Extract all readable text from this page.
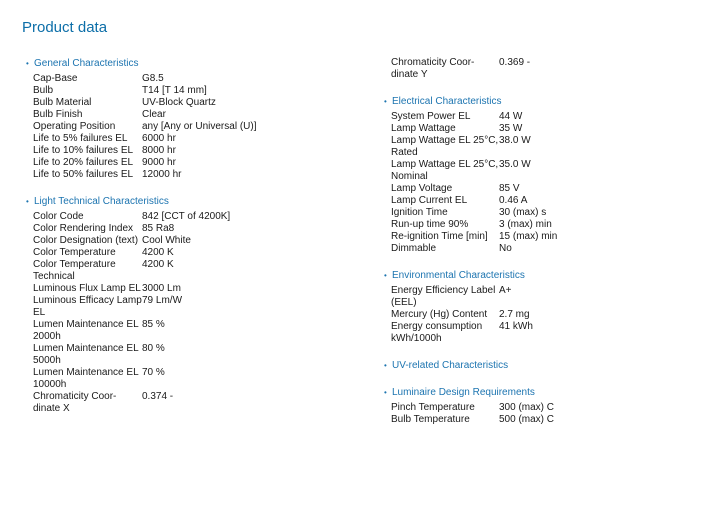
Product data
• General Characteristics
Cap-Base	G8.5
Bulb	T14 [T 14 mm]
Bulb Material	UV-Block Quartz
Bulb Finish	Clear
Operating Position	any [Any or Universal (U)]
Life to 5% failures EL	6000 hr
Life to 10% failures EL 8000 hr
Life to 20% failures EL 9000 hr
Life to 50% failures EL 12000 hr
• Light Technical Characteristics
Color Code	842 [CCT of 4200K]
Color Rendering Index 85 Ra8
Color Designation (text) Cool White
Color Temperature	4200 K
Color Temperature Technical
4200 K
Luminous Flux Lamp EL 3000 Lm
Luminous Efficacy Lamp EL
79 Lm/W
Lumen Maintenance EL 2000h
85 %
Lumen Maintenance EL 5000h
80 %
Lumen Maintenance EL 10000h
70 %
Chromaticity Coor-dinate X
0.374 -
Chromaticity Coor-dinate Y
0.369 -
• Electrical Characteristics
System Power EL	44 W
Lamp Wattage	35 W
Lamp Wattage EL 25°C, Rated
38.0 W
Lamp Wattage EL 25°C, Nominal
35.0 W
Lamp Voltage	85 V
Lamp Current EL	0.46 A
Ignition Time	30 (max) s
Run-up time 90%	3 (max) min
Re-ignition Time [min]	15 (max) min
Dimmable	No
• Environmental Characteristics
Energy Efficiency Label (EEL)
A+
Mercury (Hg) Content	2.7 mg
Energy consumption kWh/1000h
41 kWh
• UV-related Characteristics
• Luminaire Design Requirements
Pinch Temperature	300 (max) C
Bulb Temperature	500 (max) C
